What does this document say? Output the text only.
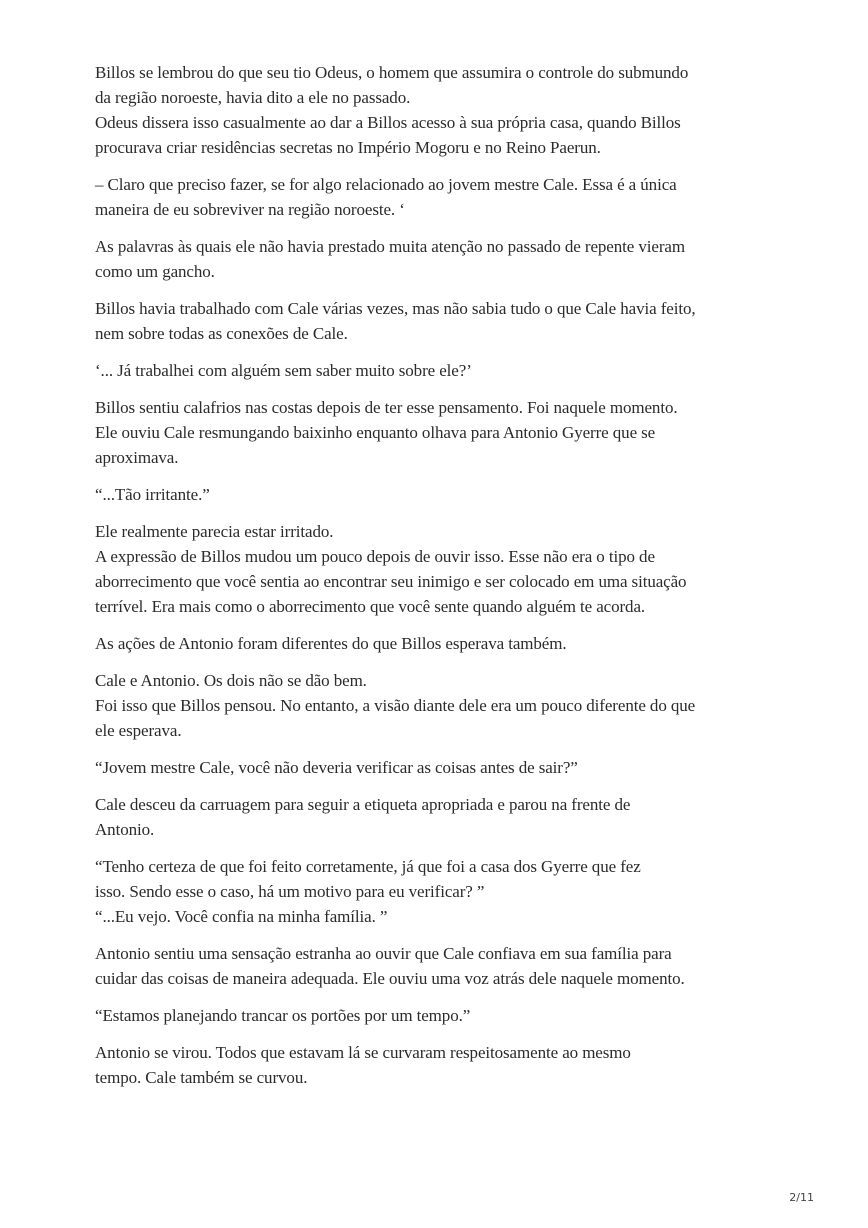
Billos se lembrou do que seu tio Odeus, o homem que assumira o controle do submundo
da região noroeste, havia dito a ele no passado.
Odeus dissera isso casualmente ao dar a Billos acesso à sua própria casa, quando Billos
procurava criar residências secretas no Império Mogoru e no Reino Paerun.

– Claro que preciso fazer, se for algo relacionado ao jovem mestre Cale. Essa é a única
maneira de eu sobreviver na região noroeste. ‘

As palavras às quais ele não havia prestado muita atenção no passado de repente vieram
como um gancho.

Billos havia trabalhado com Cale várias vezes, mas não sabia tudo o que Cale havia feito,
nem sobre todas as conexões de Cale.

‘... Já trabalhei com alguém sem saber muito sobre ele?’

Billos sentiu calafrios nas costas depois de ter esse pensamento. Foi naquele momento.
Ele ouviu Cale resmungando baixinho enquanto olhava para Antonio Gyerre que se
aproximava.

“...Tão irritante.”

Ele realmente parecia estar irritado.
A expressão de Billos mudou um pouco depois de ouvir isso. Esse não era o tipo de
aborrecimento que você sentia ao encontrar seu inimigo e ser colocado em uma situação
terrível. Era mais como o aborrecimento que você sente quando alguém te acorda.

As ações de Antonio foram diferentes do que Billos esperava também.

Cale e Antonio. Os dois não se dão bem.
Foi isso que Billos pensou. No entanto, a visão diante dele era um pouco diferente do que
ele esperava.

“Jovem mestre Cale, você não deveria verificar as coisas antes de sair?”

Cale desceu da carruagem para seguir a etiqueta apropriada e parou na frente de
Antonio.

“Tenho certeza de que foi feito corretamente, já que foi a casa dos Gyerre que fez
isso. Sendo esse o caso, há um motivo para eu verificar? ”
“...Eu vejo. Você confia na minha família. ”

Antonio sentiu uma sensação estranha ao ouvir que Cale confiava em sua família para
cuidar das coisas de maneira adequada. Ele ouviu uma voz atrás dele naquele momento.

“Estamos planejando trancar os portões por um tempo.”

Antonio se virou. Todos que estavam lá se curvaram respeitosamente ao mesmo
tempo. Cale também se curvou.

2/11
